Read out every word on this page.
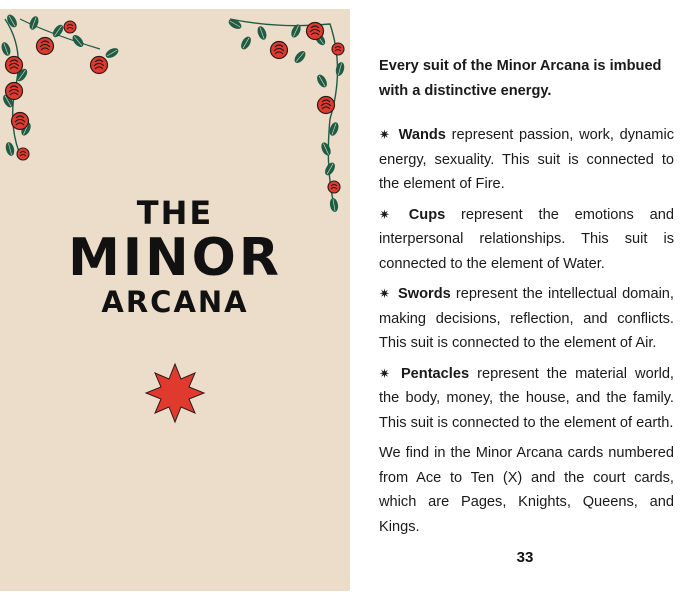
THE
MINOR
ARCANA

Every suit of the Minor Arcana is imbued with a distinctive energy.

✷ Wands represent passion, work, dynamic energy, sexuality. This suit is connected to the element of Fire.

✷ Cups represent the emotions and interpersonal relationships. This suit is connected to the element of Water.

✷ Swords represent the intellectual domain, making decisions, reflection, and conflicts. This suit is connected to the element of Air.

✷ Pentacles represent the material world, the body, money, the house, and the family. This suit is connected to the element of earth.

We find in the Minor Arcana cards numbered from Ace to Ten (X) and the court cards, which are Pages, Knights, Queens, and Kings.

33
